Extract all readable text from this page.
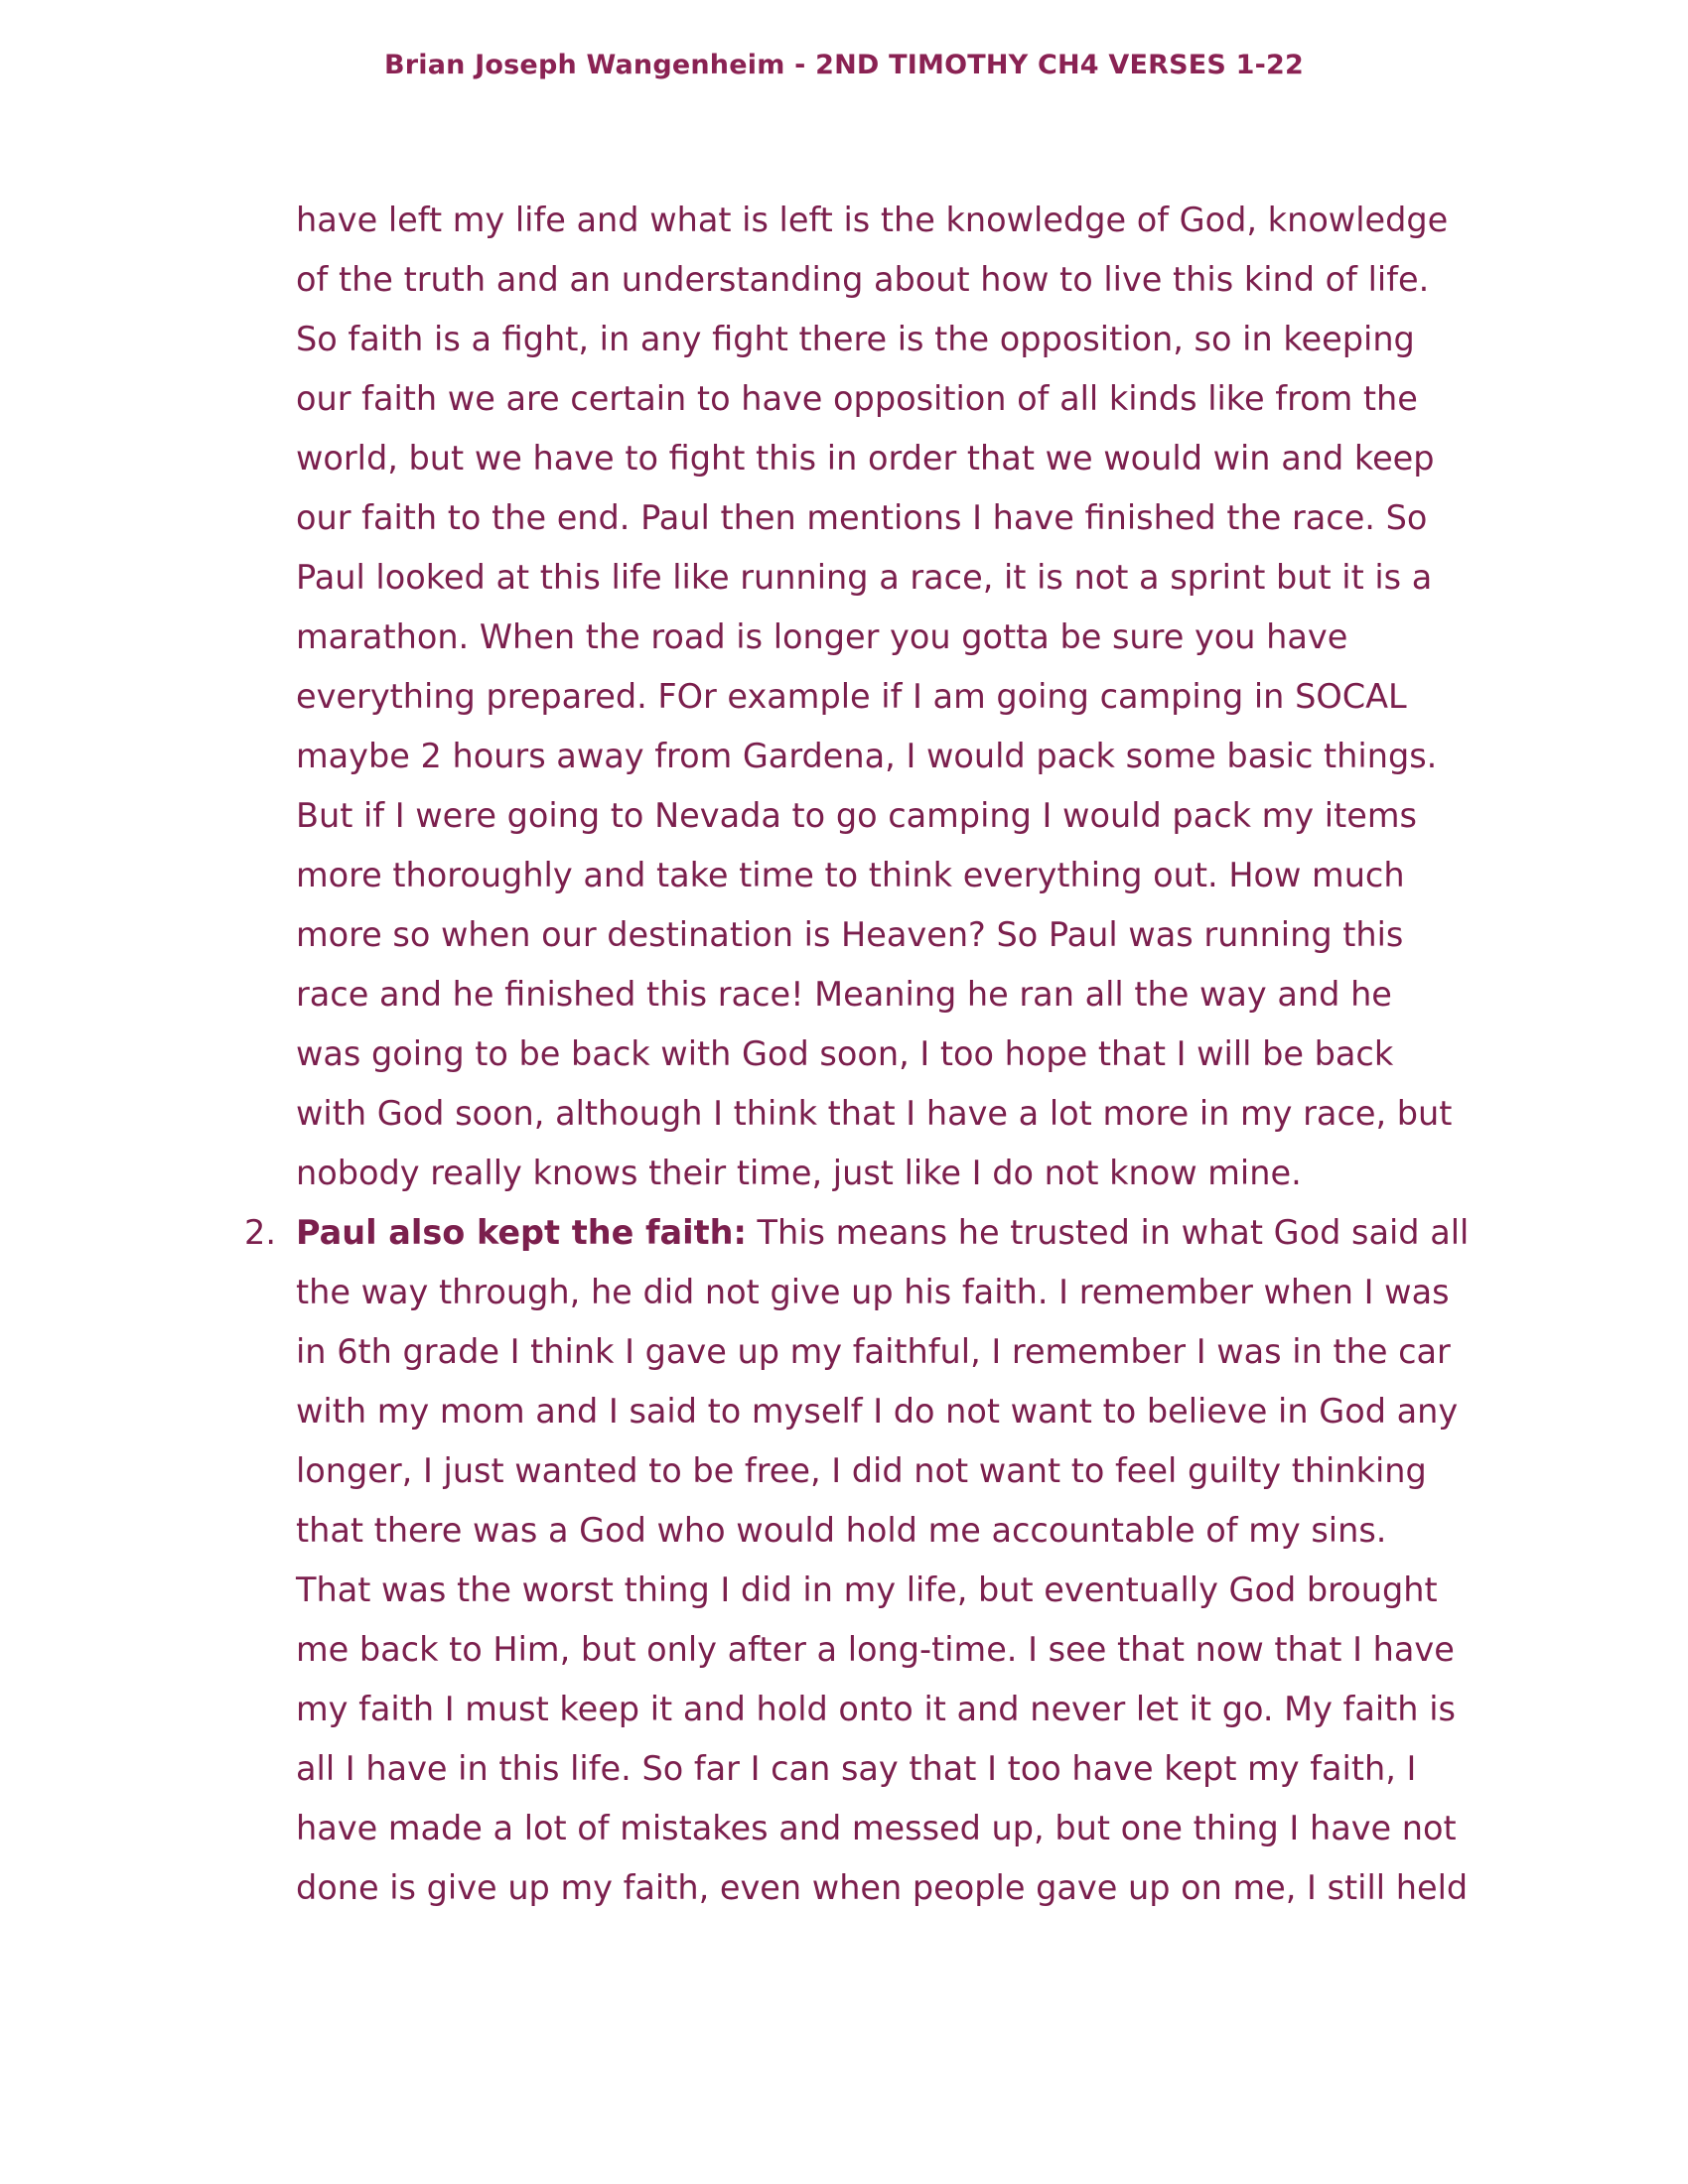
Brian Joseph Wangenheim - 2ND TIMOTHY CH4 VERSES 1-22
have left my life and what is left is the knowledge of God, knowledge
of the truth and an understanding about how to live this kind of life.
So faith is a fight, in any fight there is the opposition, so in keeping
our faith we are certain to have opposition of all kinds like from the
world, but we have to fight this in order that we would win and keep
our faith to the end. Paul then mentions I have finished the race. So
Paul looked at this life like running a race, it is not a sprint but it is a
marathon. When the road is longer you gotta be sure you have
everything prepared. FOr example if I am going camping in SOCAL
maybe 2 hours away from Gardena, I would pack some basic things.
But if I were going to Nevada to go camping I would pack my items
more thoroughly and take time to think everything out. How much
more so when our destination is Heaven? So Paul was running this
race and he finished this race! Meaning he ran all the way and he
was going to be back with God soon, I too hope that I will be back
with God soon, although I think that I have a lot more in my race, but
nobody really knows their time, just like I do not know mine.
2. Paul also kept the faith: This means he trusted in what God said all
the way through, he did not give up his faith. I remember when I was
in 6th grade I think I gave up my faithful, I remember I was in the car
with my mom and I said to myself I do not want to believe in God any
longer, I just wanted to be free, I did not want to feel guilty thinking
that there was a God who would hold me accountable of my sins.
That was the worst thing I did in my life, but eventually God brought
me back to Him, but only after a long-time. I see that now that I have
my faith I must keep it and hold onto it and never let it go. My faith is
all I have in this life. So far I can say that I too have kept my faith, I
have made a lot of mistakes and messed up, but one thing I have not
done is give up my faith, even when people gave up on me, I still held
